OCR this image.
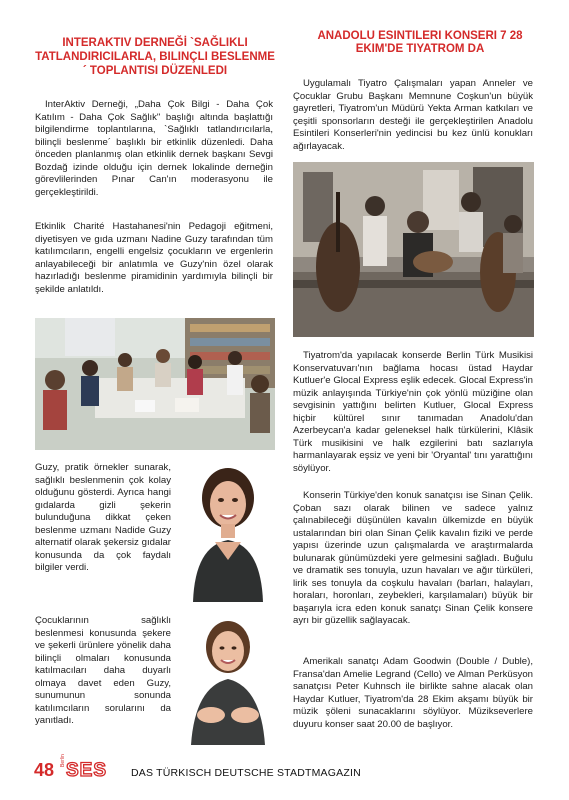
INTERAKTIV DERNEĞİ `SAĞLIKLI TATLANDIRICILARLA, BILINÇLI BESLENME´ TOPLANTISI DÜZENLEDI

InterAktiv Derneği, „Daha Çok Bilgi - Daha Çok Katılım - Daha Çok Sağlık" başlığı altında başlattığı bilgilendirme toplantılarına, `Sağlıklı tatlandırıcılarla, bilinçli beslenme´ başlıklı bir etkinlik düzenledi. Daha önceden planlanmış olan etkinlik dernek başkanı Sevgi Bozdağ izinde olduğu için dernek lokalinde derneğin görevlilerinden Pınar Can'ın moderasyonu ile gerçekleştirildi.

Etkinlik Charité Hastahanesi'nin Pedagoji eğitmeni, diyetisyen ve gıda uzmanı Nadine Guzy tarafından tüm katılımcıların, engelli engelsiz çocukların ve ergenlerin anlayabileceği bir anlatımla ve Guzy'nin özel olarak hazırladığı beslenme piramidinin yardımıyla bilinçli bir şekilde anlatıldı.

Guzy, pratik örnekler sunarak, sağlıklı beslenmenin çok kolay olduğunu gösterdi. Ayrıca hangi gıdalarda gizli şekerin bulunduğuna dikkat çeken beslenme uzmanı Nadide Guzy alternatif olarak şekersiz gıdalar konusunda da çok faydalı bilgiler verdi.

Çocuklarının sağlıklı beslenmesi konusunda şekere ve şekerli ürünlere yönelik daha bilinçli olmaları konusunda katılmacıları daha duyarlı olmaya davet eden Guzy, sunumunun sonunda katılımcıların sorularını da yanıtladı.

ANADOLU ESINTILERI KONSERI 7 28 EKIM'DE TIYATROM DA

Uygulamalı Tiyatro Çalışmaları yapan Anneler ve Çocuklar Grubu Başkanı Memnune Coşkun'un büyük gayretleri, Tiyatrom'un Müdürü Yekta Arman katkıları ve çeşitli sponsorların desteği ile gerçekleştirilen Anadolu Esintileri Konserleri'nin yedincisi bu kez ünlü konukları ağırlayacak.

Tiyatrom'da yapılacak konserde Berlin Türk Musikisi Konservatuvarı'nın bağlama hocası üstad Haydar Kutluer'e Glocal Express eşlik edecek. Glocal Express'in müzik anlayışında Türkiye'nin çok yönlü müziğine olan sevgisinin yattığını belirten Kutluer, Glocal Express hiçbir kültürel sınır tanımadan Anadolu'dan Azerbeycan'a kadar geleneksel halk türkülerini, Klâsik Türk musikisini ve halk ezgilerini batı sazlarıyla harmanlayarak eşsiz ve yeni bir 'Oryantal' tını yarattığını söylüyor.

Konserin Türkiye'den konuk sanatçısı ise Sinan Çelik. Çoban sazı olarak bilinen ve sadece yalnız çalınabileceği düşünülen kavalın ülkemizde en büyük ustalarından biri olan Sinan Çelik kavalın fiziki ve perde yapısı üzerinde uzun çalışmalarda ve araştırmalarda bulunarak günümüzdeki yere gelmesini sağladı. Buğulu ve dramatik ses tonuyla, uzun havaları ve ağır türküleri, lirik ses tonuyla da coşkulu havaları (barları, halayları, horaları, horonları, zeybekleri, karşılamaları) büyük bir başarıyla icra eden konuk sanatçı Sinan Çelik konsere ayrı bir güzellik sağlayacak.

Amerikalı sanatçı Adam Goodwin (Double / Duble), Fransa'dan Amelie Legrand (Cello) ve Alman Perküsyon sanatçısı Peter Kuhnsch ile birlikte sahne alacak olan Haydar Kutluer, Tiyatrom'da 28 Ekim akşamı büyük bir müzik şöleni sunacaklarını söylüyor. Müzikseverlere duyuru konser saat 20.00 de başlıyor.

48 Berlin SES DAS TÜRKISCH DEUTSCHE STADTMAGAZIN
